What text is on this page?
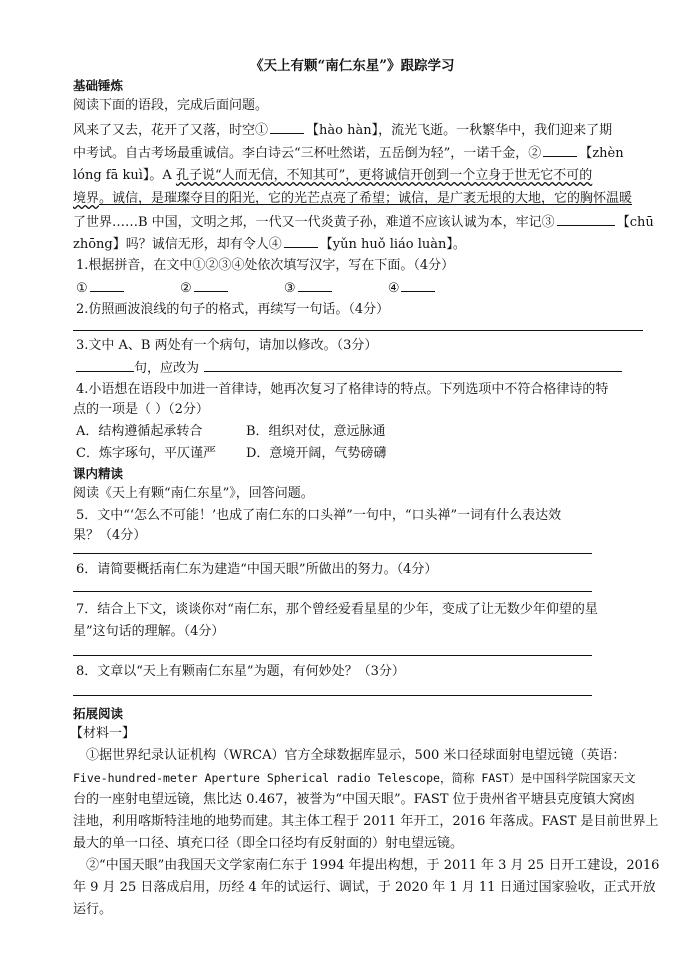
《天上有颗“南仁东星”》跟踪学习
基础锤炼
阅读下面的语段，完成后面问题。
风来了又去，花开了又落，时空①	【hào hàn】，流光飞逝。一秋繁华中，我们迎来了期
中考试。自古考场最重诚信。李白诗云“三杯吐然诺，五岳倒为轻”，一诺千金，②	【zhèn
lóng fā kuì】。A 孔子说“人而无信，不知其可”，更将诚信开创到一个立身于世无它不可的
境界。诚信，是璀璨夺目的阳光，它的光芒点亮了希望；诚信，是广袤无垠的大地，它的胸怀温暖
了世界……B 中国，文明之邦，一代又一代炎黄子孙，难道不应该认诚为本，牢记③	【chū
zhōng】吗？诚信无形，却有令人④	【yǔn huǒ liáo luàn】。
1.根据拼音，在文中①②③④处依次填写汉字，写在下面。（4分）
①	②	③	④
2.仿照画波浪线的句子的格式，再续写一句话。（4分）
3.文中 A、B 两处有一个病句，请加以修改。（3分）
句，应改为
4.小语想在语段中加进一首律诗，她再次复习了格律诗的特点。下列选项中不符合格律诗的特
点的一项是（ ）（2分）
A．结构遵循起承转合	B．组织对仗，意远脉通
C．炼字琢句，平仄谨严 D．意境开阔，气势磅礴
课内精读
阅读《天上有颗“南仁东星”》，回答问题。
5．文中“‘怎么不可能！’也成了南仁东的口头禅”一句中，“口头禅”一词有什么表达效
果？（4分）
6．请简要概括南仁东为建造“中国天眼”所做出的努力。（4分）
7．结合上下文，谈谈你对“南仁东，那个曾经爱看星星的少年，变成了让无数少年仰望的星
星”这句话的理解。（4分）
8．文章以“天上有颗南仁东星”为题，有何妙处？（3分）
拓展阅读
【材料一】
①据世界纪录认证机构（WRCA）官方全球数据库显示，500 米口径球面射电望远镜（英语：
Five-hundred-meter Aperture Spherical radio Telescope，简称 FAST）是中国科学院国家天文
台的一座射电望远镜，焦比达 0.467，被誉为“中国天眼”。FAST 位于贵州省平塘县克度镇大窝凼
洼地，利用喀斯特洼地的地势而建。其主体工程于 2011 年开工，2016 年落成。FAST 是目前世界上
最大的单一口径、填充口径（即全口径均有反射面的）射电望远镜。
②“中国天眼”由我国天文学家南仁东于 1994 年提出构想，于 2011 年 3 月 25 日开工建设，2016
年 9 月 25 日落成启用，历经 4 年的试运行、调试，于 2020 年 1 月 11 日通过国家验收，正式开放
运行。
